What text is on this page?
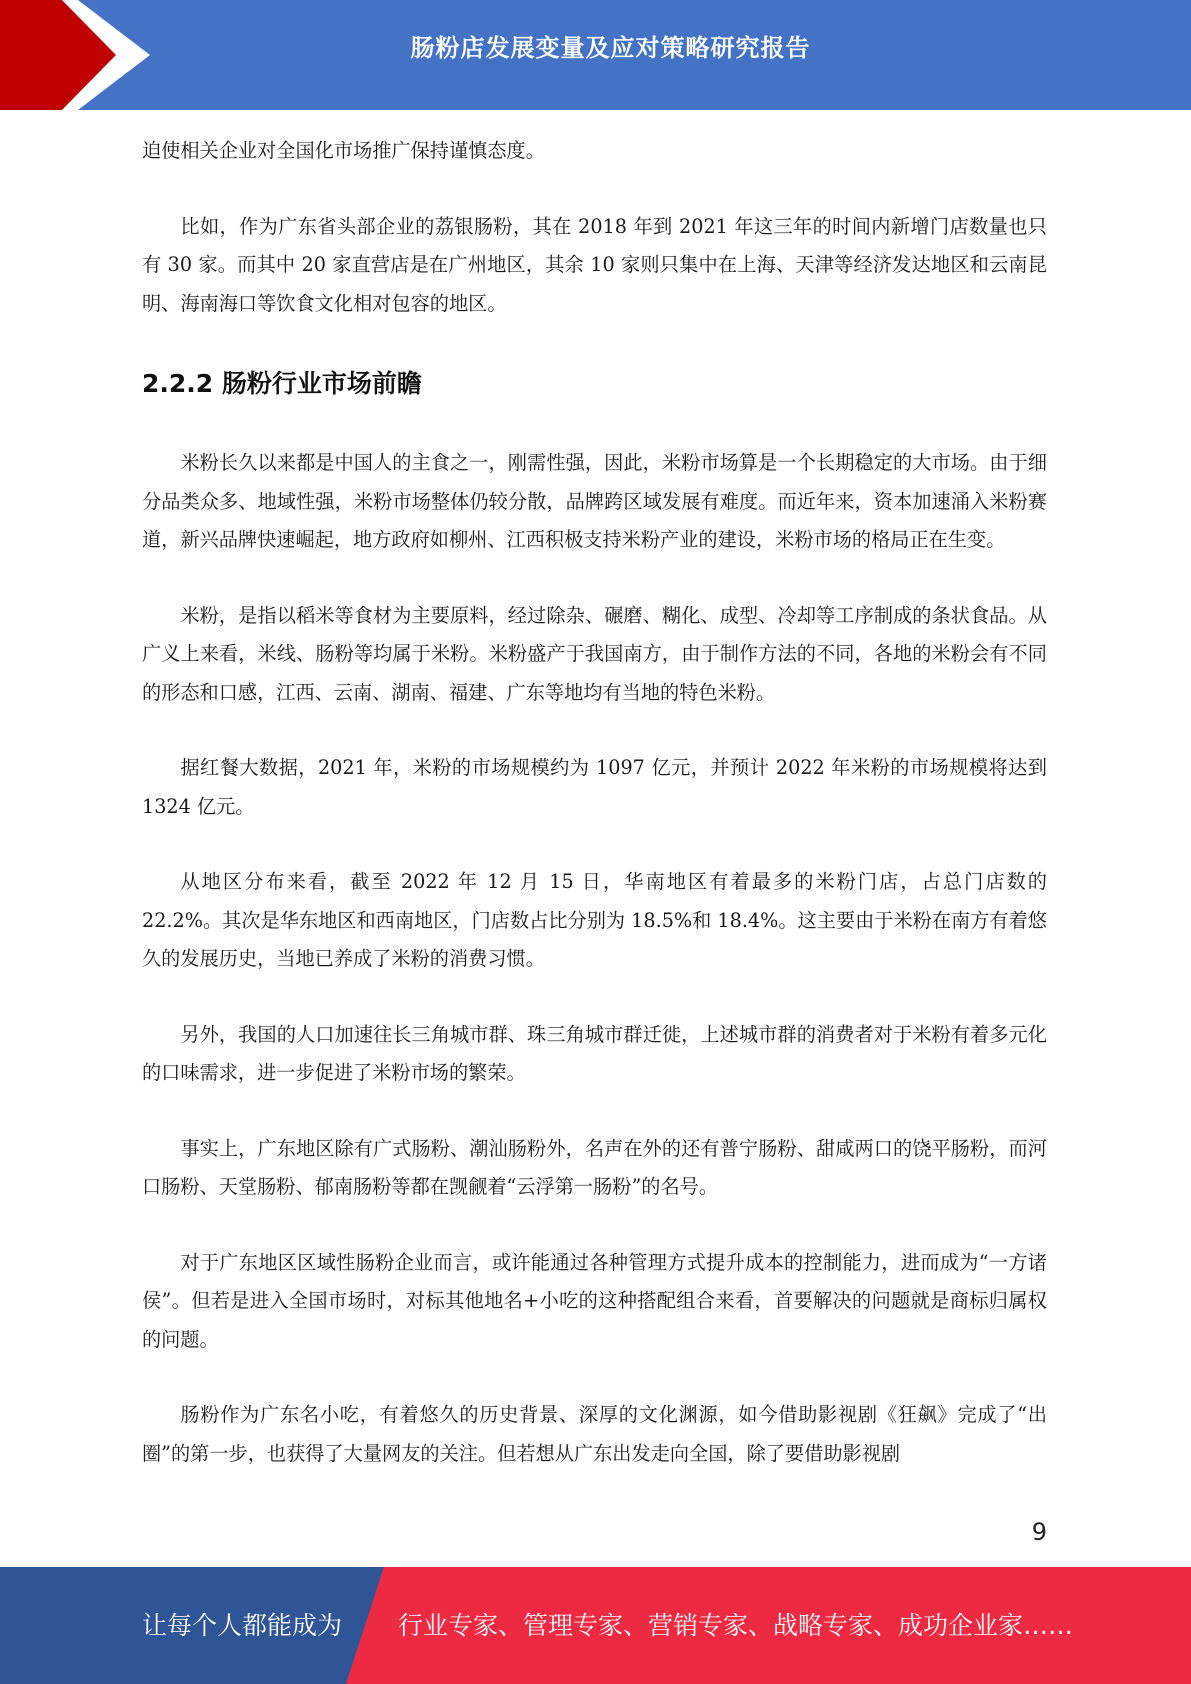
肠粉店发展变量及应对策略研究报告

迫使相关企业对全国化市场推广保持谨慎态度。

比如，作为广东省头部企业的荔银肠粉，其在 2018 年到 2021 年这三年的时间内新增门店数量也只有 30 家。而其中 20 家直营店是在广州地区，其余 10 家则只集中在上海、天津等经济发达地区和云南昆明、海南海口等饮食文化相对包容的地区。

2.2.2 肠粉行业市场前瞻

米粉长久以来都是中国人的主食之一，刚需性强，因此，米粉市场算是一个长期稳定的大市场。由于细分品类众多、地域性强，米粉市场整体仍较分散，品牌跨区域发展有难度。而近年来，资本加速涌入米粉赛道，新兴品牌快速崛起，地方政府如柳州、江西积极支持米粉产业的建设，米粉市场的格局正在生变。

米粉，是指以稻米等食材为主要原料，经过除杂、碾磨、糊化、成型、冷却等工序制成的条状食品。从广义上来看，米线、肠粉等均属于米粉。米粉盛产于我国南方，由于制作方法的不同，各地的米粉会有不同的形态和口感，江西、云南、湖南、福建、广东等地均有当地的特色米粉。

据红餐大数据，2021 年，米粉的市场规模约为 1097 亿元，并预计 2022 年米粉的市场规模将达到 1324 亿元。

从地区分布来看，截至 2022 年 12 月 15 日，华南地区有着最多的米粉门店，占总门店数的 22.2%。其次是华东地区和西南地区，门店数占比分别为 18.5%和 18.4%。这主要由于米粉在南方有着悠久的发展历史，当地已养成了米粉的消费习惯。

另外，我国的人口加速往长三角城市群、珠三角城市群迁徙，上述城市群的消费者对于米粉有着多元化的口味需求，进一步促进了米粉市场的繁荣。

事实上，广东地区除有广式肠粉、潮汕肠粉外，名声在外的还有普宁肠粉、甜咸两口的饶平肠粉，而河口肠粉、天堂肠粉、郁南肠粉等都在觊觎着“云浮第一肠粉”的名号。

对于广东地区区域性肠粉企业而言，或许能通过各种管理方式提升成本的控制能力，进而成为“一方诸侯”。但若是进入全国市场时，对标其他地名+小吃的这种搭配组合来看，首要解决的问题就是商标归属权的问题。

肠粉作为广东名小吃，有着悠久的历史背景、深厚的文化渊源，如今借助影视剧《狂飙》完成了“出圈”的第一步，也获得了大量网友的关注。但若想从广东出发走向全国，除了要借助影视剧

9
让每个人都能成为 行业专家、管理专家、营销专家、战略专家、成功企业家……
